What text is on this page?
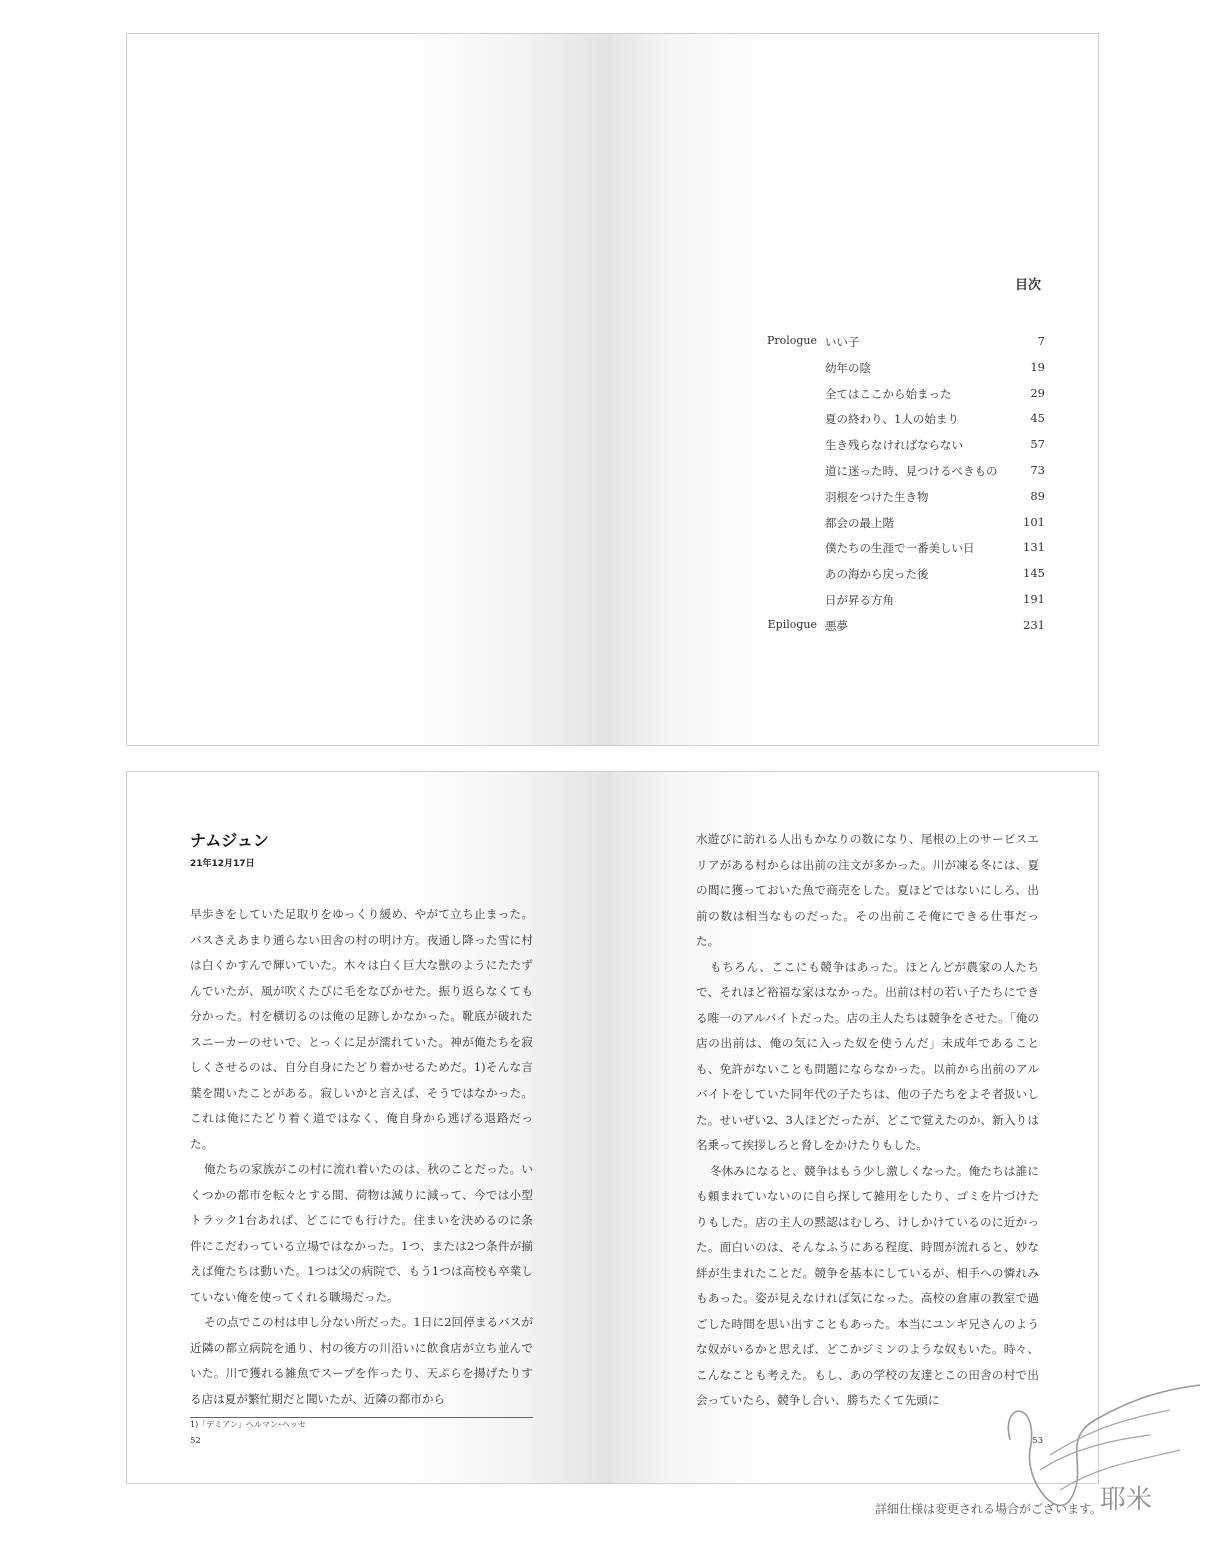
目次
Prologue いい子	7
幼年の陰	19
全てはここから始まった	29
夏の終わり、1人の始まり	45
生き残らなければならない	57
道に迷った時、見つけるべきもの	73
羽根をつけた生き物	89
都会の最上階	101
僕たちの生涯で一番美しい日	131
あの海から戻った後	145
日が昇る方角	191
Epilogue 悪夢	231
ナムジュン
21年12月17日

早歩きをしていた足取りをゆっくり緩め、やがて立ち止まった。バスさえあまり通らない田舎の村の明け方。夜通し降った雪に村は白くかすんで輝いていた。木々は白く巨大な獣のようにたたずんでいたが、風が吹くたびに毛をなびかせた。振り返らなくても分かった。村を横切るのは俺の足跡しかなかった。靴底が破れたスニーカーのせいで、とっくに足が濡れていた。神が俺たちを寂しくさせるのは、自分自身にたどり着かせるためだ。1)そんな言葉を聞いたことがある。寂しいかと言えば、そうではなかった。これは俺にたどり着く道ではなく、俺自身から逃げる退路だった。

俺たちの家族がこの村に流れ着いたのは、秋のことだった。いくつかの都市を転々とする間、荷物は減りに減って、今では小型トラック1台あれば、どこにでも行けた。住まいを決めるのに条件にこだわっている立場ではなかった。1つ、または2つ条件が揃えば俺たちは動いた。1つは父の病院で、もう1つは高校も卒業していない俺を使ってくれる職場だった。

その点でこの村は申し分ない所だった。1日に2回停まるバスが近隣の都立病院を通り、村の後方の川沿いに飲食店が立ち並んでいた。川で獲れる雑魚でスープを作ったり、天ぷらを揚げたりする店は夏が繁忙期だと聞いたが、近隣の都市から

1)「デミアン」ヘルマン･ヘッセ
52

水遊びに訪れる人出もかなりの数になり、尾根の上のサービスエリアがある村からは出前の注文が多かった。川が凍る冬には、夏の間に獲っておいた魚で商売をした。夏ほどではないにしろ、出前の数は相当なものだった。その出前こそ俺にできる仕事だった。

もちろん、ここにも競争はあった。ほとんどが農家の人たちで、それほど裕福な家はなかった。出前は村の若い子たちにできる唯一のアルバイトだった。店の主人たちは競争をさせた。「俺の店の出前は、俺の気に入った奴を使うんだ」未成年であることも、免許がないことも問題にならなかった。以前から出前のアルバイトをしていた同年代の子たちは、他の子たちをよそ者扱いした。せいぜい2、3人ほどだったが、どこで覚えたのか、新入りは名乗って挨拶しろと脅しをかけたりもした。

冬休みになると、競争はもう少し激しくなった。俺たちは誰にも頼まれていないのに自ら探して雑用をしたり、ゴミを片づけたりもした。店の主人の黙認はむしろ、けしかけているのに近かった。面白いのは、そんなふうにある程度、時間が流れると、妙な絆が生まれたことだ。競争を基本にしているが、相手への憐れみもあった。姿が見えなければ気になった。高校の倉庫の教室で過ごした時間を思い出すこともあった。本当にユンギ兄さんのような奴がいるかと思えば、どこかジミンのような奴もいた。時々、こんなことも考えた。もし、あの学校の友達とこの田舎の村で出会っていたら、競争し合い、勝ちたくて先頭に

53
詳細仕様は変更される場合がございます。
耶米
